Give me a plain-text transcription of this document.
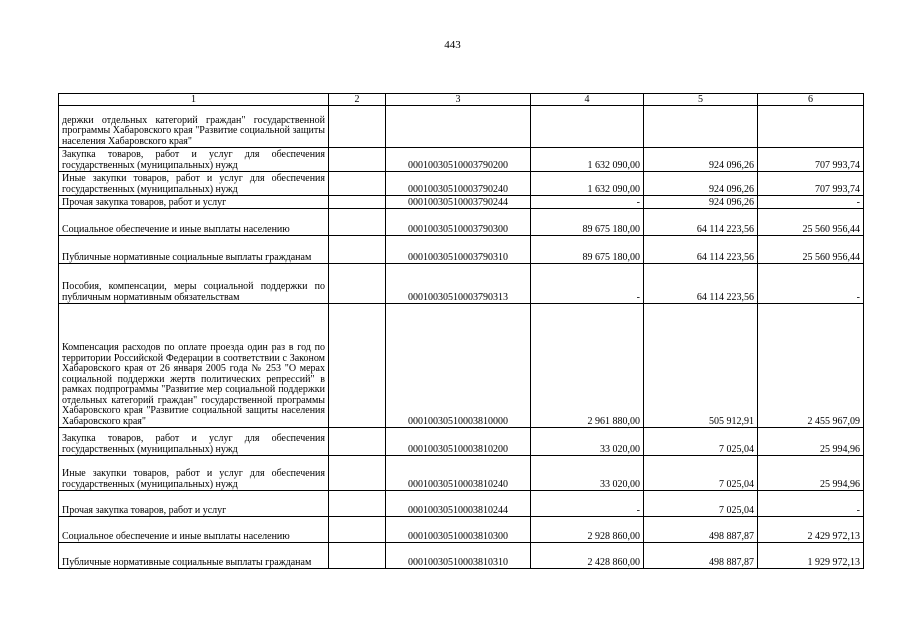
443
1	2	3	4	5	6
держки отдельных категорий граждан" государственной программы Хабаровского края "Развитие социальной защиты населения Хабаровского края"					
Закупка товаров, работ и услуг для обеспечения государственных (муниципальных) нужд		00010030510003790200	1 632 090,00	924 096,26	707 993,74
Иные закупки товаров, работ и услуг для обеспечения государственных (муниципальных) нужд		00010030510003790240	1 632 090,00	924 096,26	707 993,74
Прочая закупка товаров, работ и услуг		00010030510003790244	-	924 096,26	-
Социальное обеспечение и иные выплаты населению		00010030510003790300	89 675 180,00	64 114 223,56	25 560 956,44
Публичные нормативные социальные выплаты гражданам		00010030510003790310	89 675 180,00	64 114 223,56	25 560 956,44
Пособия, компенсации, меры социальной поддержки по публичным нормативным обязательствам		00010030510003790313	-	64 114 223,56	-
Компенсация расходов по оплате проезда один раз в год по территории Российской Федерации в соответствии с Законом Хабаровского края от 26 января 2005 года № 253 "О мерах социальной поддержки жертв политических репрессий" в рамках подпрограммы "Развитие мер социальной поддержки отдельных категорий граждан" государственной программы Хабаровского края "Развитие социальной защиты населения Хабаровского края"		00010030510003810000	2 961 880,00	505 912,91	2 455 967,09
Закупка товаров, работ и услуг для обеспечения государственных (муниципальных) нужд		00010030510003810200	33 020,00	7 025,04	25 994,96
Иные закупки товаров, работ и услуг для обеспечения государственных (муниципальных) нужд		00010030510003810240	33 020,00	7 025,04	25 994,96
Прочая закупка товаров, работ и услуг		00010030510003810244	-	7 025,04	-
Социальное обеспечение и иные выплаты населению		00010030510003810300	2 928 860,00	498 887,87	2 429 972,13
Публичные нормативные социальные выплаты гражданам		00010030510003810310	2 428 860,00	498 887,87	1 929 972,13
